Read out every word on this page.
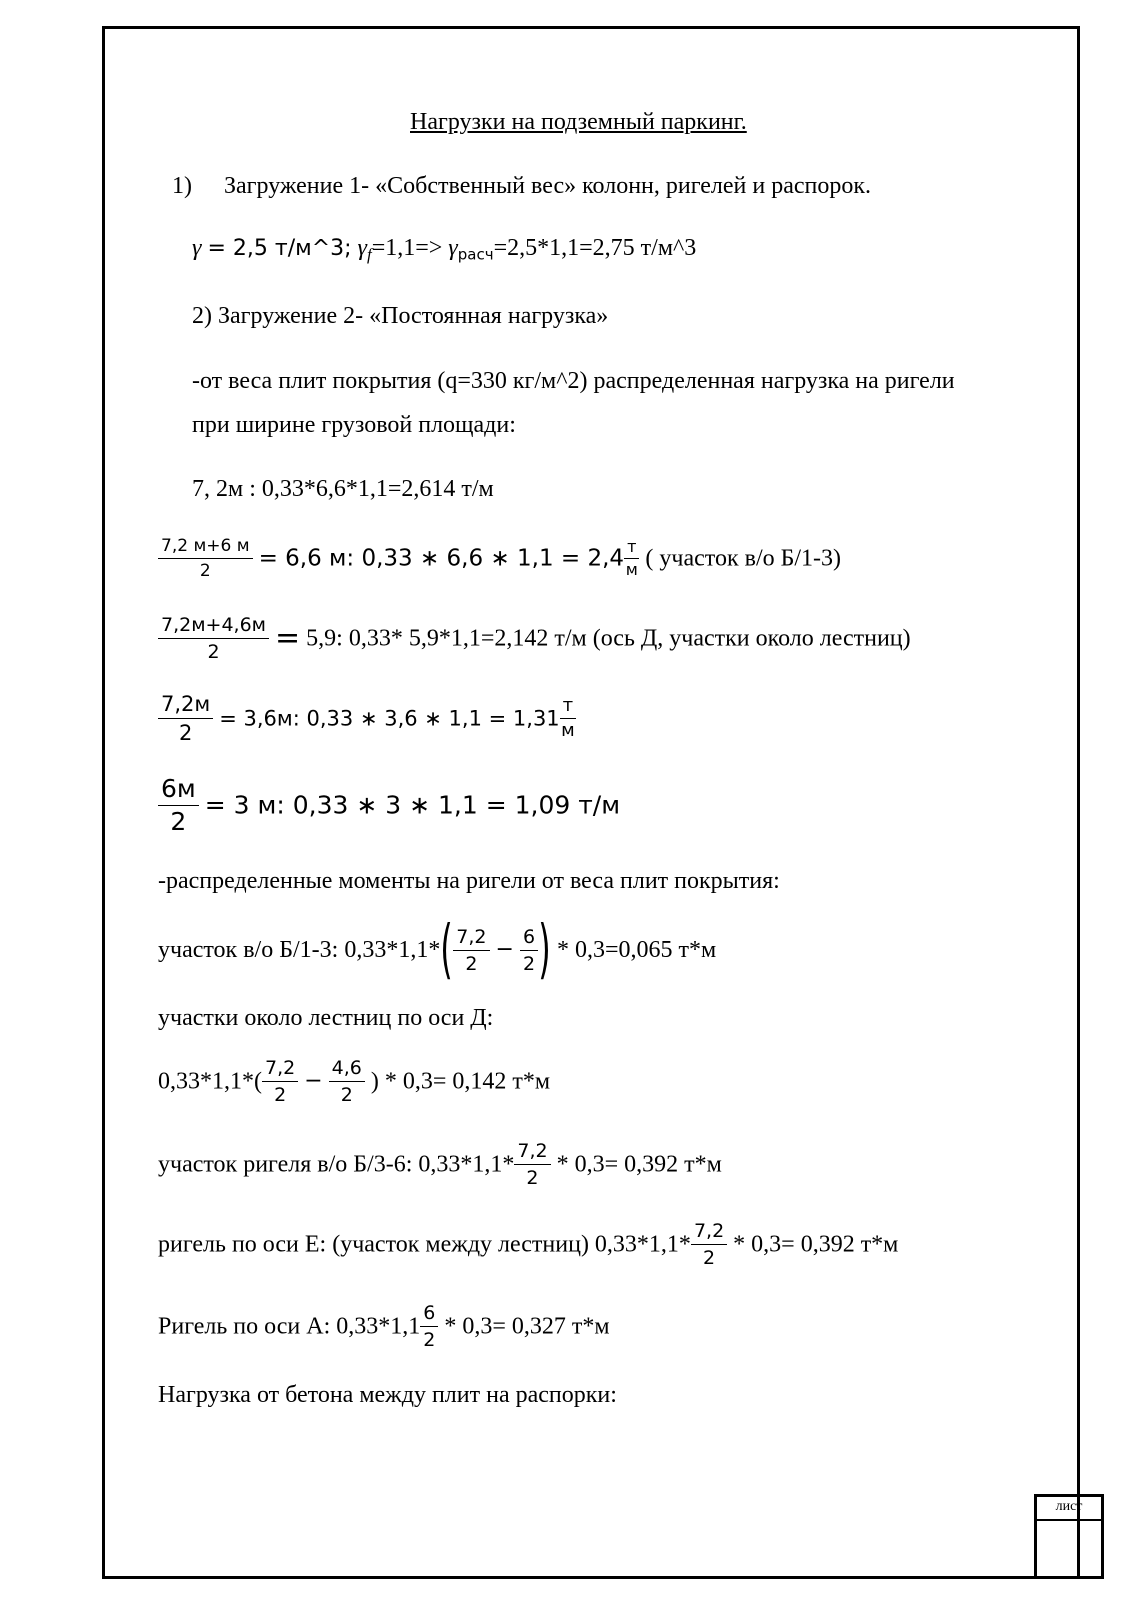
Нагрузки на подземный паркинг.
1) Загружение 1- «Собственный вес» колонн, ригелей и распорок.
γ = 2,5 т/м^3; $\gamma_f=1,1=> \gamma_{расч}=2,5*1,1=2,75$ т/м^3
2) Загружение 2- «Постоянная нагрузка»
-от веса плит покрытия (q=330 кг/м^2) распределенная нагрузка на ригели
при ширине грузовой площади:
7, 2м : 0,33*6,6*1,1=2,614 т/м
$\frac{7,2 м+6 м}{2} = 6,6$ м: 0,33 ∗ 6,6 ∗ $1,1 = 2,4 \frac{т}{м}$ ( участок в/о Б/1-3)
$\frac{7,2м+4,6м}{2} = 5,9$: 0,33* 5,9*1,1=2,142 т/м (ось Д, участки около лестниц)
$\frac{7,2м}{2} = 3,6м$: 0,33 ∗ 3,6 ∗ $1,1 = 1,31 \frac{т}{м}$
$\frac{6м}{2} = 3$ м: 0,33 ∗ 3 ∗ 1,1 = 1,09 т/м
-распределенные моменты на ригели от веса плит покрытия:
участок в/о Б/1-3: $0,33*1,1*( \frac{7,2}{2} - \frac{6}{2}$ ) * 0,3=0,065 т*м
участки около лестниц по оси Д:
$0,33*1,1*( \frac{7,2}{2} - \frac{4,6}{2}$ ) * 0,3= 0,142 т*м
участок ригеля в/о Б/3-6: $0,33*1,1* \frac{7,2}{2} * 0,3= 0,392$ т*м
ригель по оси Е: (участок между лестниц) $0,33*1,1* \frac{7,2}{2} * 0,3= 0,392$ т*м
Ригель по оси А: $0,33*1,1 \frac{6}{2} * 0,3= 0,327$ т*м
Нагрузка от бетона между плит на распорки:
лист
